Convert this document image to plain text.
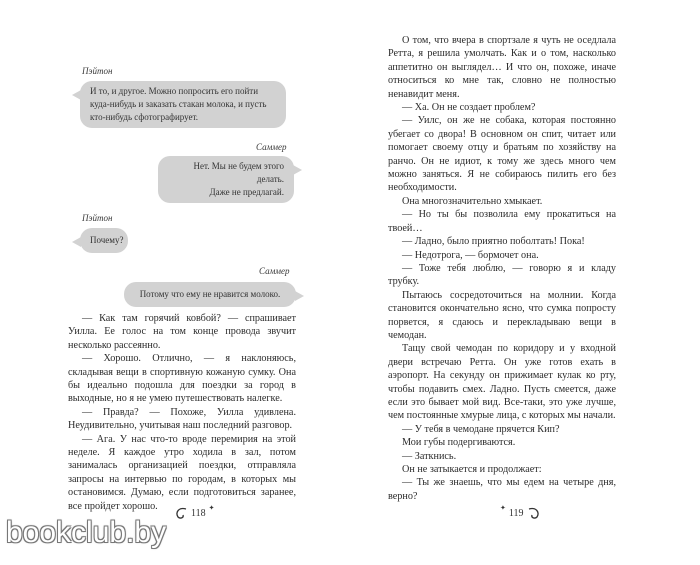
Пэйтон

И то, и другое. Можно попросить его пойти

куда-нибудь и заказать стакан молока, и пусть

кто-нибудь сфотографирует.

Саммер

Нет. Мы не будем этого делать.

Даже не предлагай.

Пэйтон

Почему?

Саммер

Потому что ему не нравится молоко.

— Как там горячий ковбой? — спрашивает Уилла. Ее голос на том конце провода звучит несколько рассеянно.

— Хорошо. Отлично, — я наклоняюсь, складывая вещи в спортивную кожаную сумку. Она бы идеально подошла для поездки за город в выходные, но я не умею путешествовать налегке.

— Правда? — Похоже, Уилла удивлена. Неудивительно, учитывая наш последний разговор.

— Ага. У нас что-то вроде перемирия на этой неделе. Я каждое утро ходила в зал, потом занималась организацией поездки, отправляла запросы на интервью по городам, в которых мы остановимся. Думаю, если подготовиться заранее, все пройдет хорошо.

118 ✦

О том, что вчера в спортзале я чуть не оседлала Ретта, я решила умолчать. Как и о том, насколько аппетитно он выглядел… И что он, похоже, иначе относиться ко мне так, словно не полностью ненавидит меня.

— Ха. Он не создает проблем?

— Уилс, он же не собака, которая постоянно убегает со двора! В основном он спит, читает или помогает своему отцу и братьям по хозяйству на ранчо. Он не идиот, к тому же здесь много чем можно заняться. Я не собираюсь пилить его без необходимости.

Она многозначительно хмыкает.

— Но ты бы позволила ему прокатиться на твоей…

— Ладно, было приятно поболтать! Пока!

— Недотрога, — бормочет она.

— Тоже тебя люблю, — говорю я и кладу трубку.

Пытаюсь сосредоточиться на молнии. Когда становится окончательно ясно, что сумка попросту порвется, я сдаюсь и перекладываю вещи в чемодан.

Тащу свой чемодан по коридору и у входной двери встречаю Ретта. Он уже готов ехать в аэропорт. На секунду он прижимает кулак ко рту, чтобы подавить смех. Ладно. Пусть смеется, даже если это бывает мой вид. Все-таки, это уже лучше, чем постоянные хмурые лица, с которых мы начали.

— У тебя в чемодане прячется Кип?

Мои губы подергиваются.

— Заткнись.

Он не затыкается и продолжает:

— Ты же знаешь, что мы едем на четыре дня, верно?

✦ 119
bookclub.by
